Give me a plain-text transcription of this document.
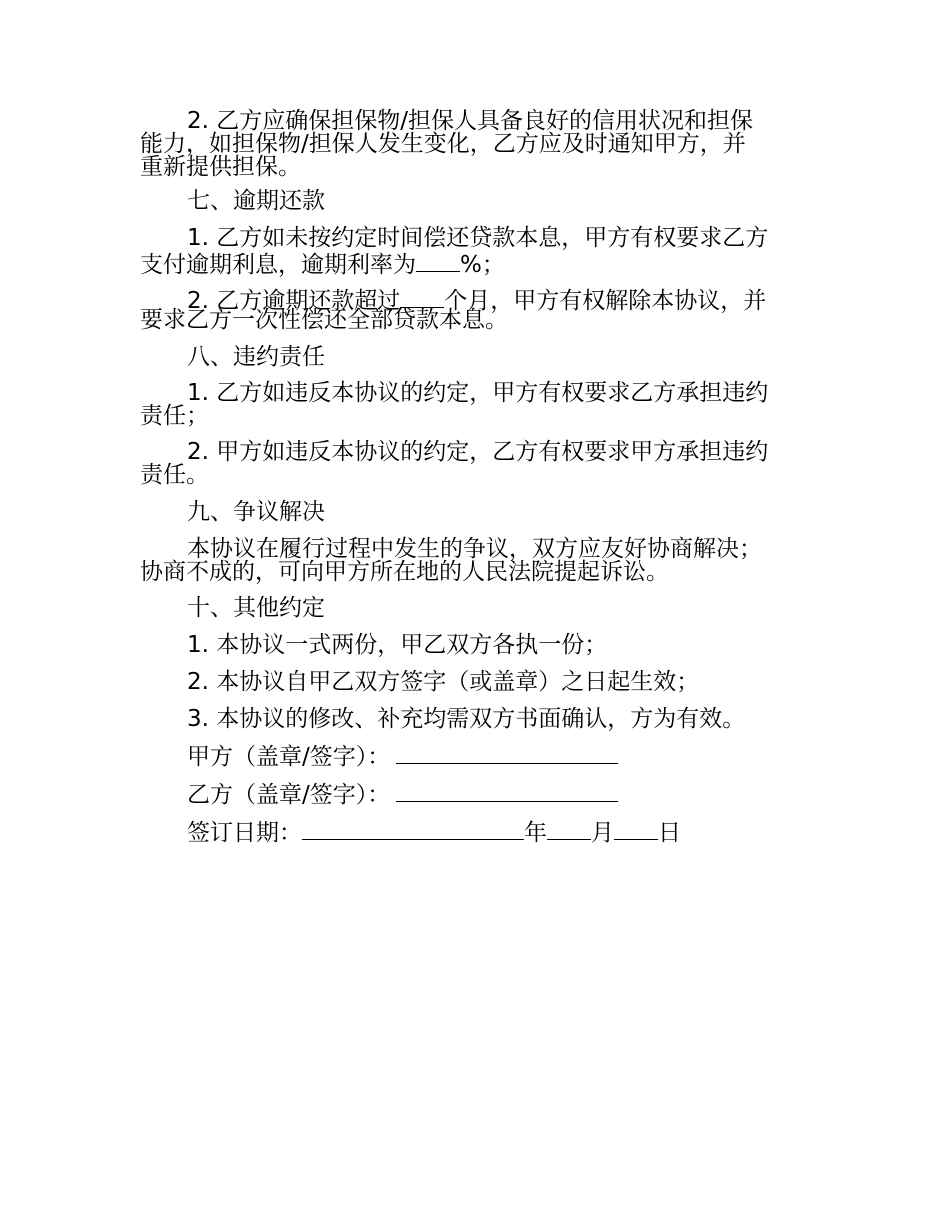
2. 乙方应确保担保物/担保人具备良好的信用状况和担保
能力，如担保物/担保人发生变化，乙方应及时通知甲方，并
重新提供担保。
七、逾期还款
1. 乙方如未按约定时间偿还贷款本息，甲方有权要求乙方
支付逾期利息，逾期利率为 %；
2. 乙方逾期还款超过 个月，甲方有权解除本协议，并
要求乙方一次性偿还全部贷款本息。
八、违约责任
1. 乙方如违反本协议的约定，甲方有权要求乙方承担违约
责任；
2. 甲方如违反本协议的约定，乙方有权要求甲方承担违约
责任。
九、争议解决
本协议在履行过程中发生的争议，双方应友好协商解决；
协商不成的，可向甲方所在地的人民法院提起诉讼。
十、其他约定
1. 本协议一式两份，甲乙双方各执一份；
2. 本协议自甲乙双方签字（或盖章）之日起生效；
3. 本协议的修改、补充均需双方书面确认，方为有效。
甲方（盖章/签字）：
乙方（盖章/签字）：
签订日期：	年 月 日
